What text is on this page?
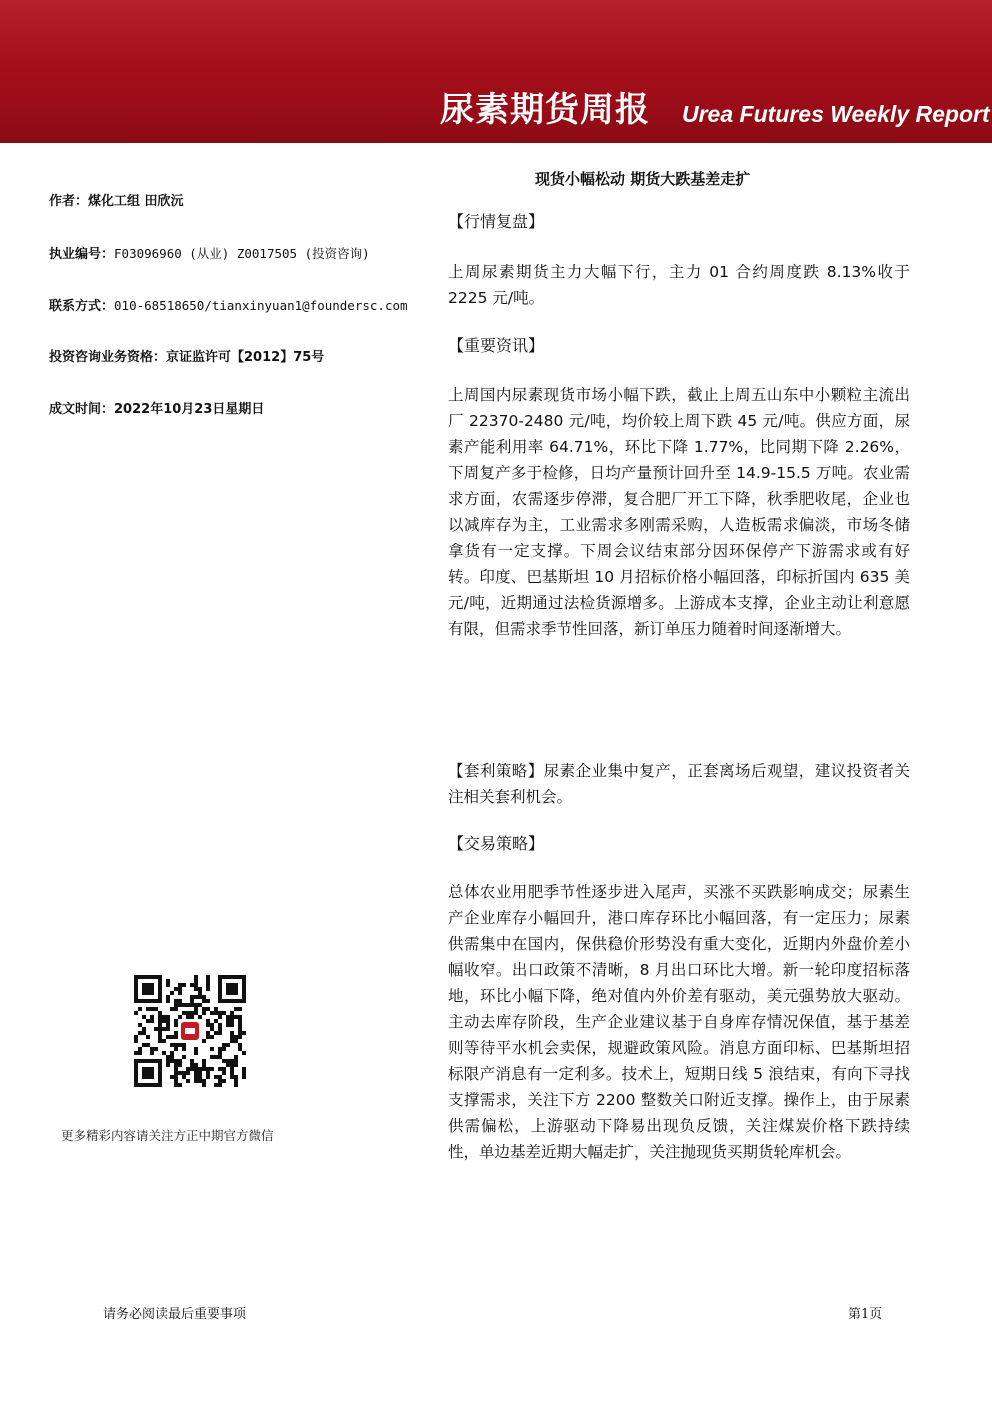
尿素期货周报 Urea Futures Weekly Report
作者：煤化工组 田欣沅
执业编号：F03096960 (从业) Z0017505 (投资咨询)
联系方式：010-68518650/tianxinyuan1@foundersc.com
投资咨询业务资格：京证监许可【2012】75号
成文时间：2022年10月23日星期日
更多精彩内容请关注方正中期官方微信
现货小幅松动 期货大跌基差走扩
【行情复盘】

上周尿素期货主力大幅下行，主力 01 合约周度跌 8.13%收于 2225 元/吨。

【重要资讯】

上周国内尿素现货市场小幅下跌，截止上周五山东中小颗粒主流出厂 22370-2480 元/吨，均价较上周下跌 45 元/吨。供应方面，尿素产能利用率 64.71%，环比下降 1.77%，比同期下降 2.26%，下周复产多于检修，日均产量预计回升至 14.9-15.5 万吨。农业需求方面，农需逐步停滞，复合肥厂开工下降，秋季肥收尾，企业也以减库存为主，工业需求多刚需采购，人造板需求偏淡，市场冬储拿货有一定支撑。下周会议结束部分因环保停产下游需求或有好转。印度、巴基斯坦 10 月招标价格小幅回落，印标折国内 635 美元/吨，近期通过法检货源增多。上游成本支撑，企业主动让利意愿有限，但需求季节性回落，新订单压力随着时间逐渐增大。

【套利策略】尿素企业集中复产，正套离场后观望，建议投资者关注相关套利机会。

【交易策略】

总体农业用肥季节性逐步进入尾声，买涨不买跌影响成交；尿素生产企业库存小幅回升，港口库存环比小幅回落，有一定压力；尿素供需集中在国内，保供稳价形势没有重大变化，近期内外盘价差小幅收窄。出口政策不清晰，8 月出口环比大增。新一轮印度招标落地，环比小幅下降，绝对值内外价差有驱动，美元强势放大驱动。主动去库存阶段，生产企业建议基于自身库存情况保值，基于基差则等待平水机会卖保，规避政策风险。消息方面印标、巴基斯坦招标限产消息有一定利多。技术上，短期日线 5 浪结束，有向下寻找支撑需求，关注下方 2200 整数关口附近支撑。操作上，由于尿素供需偏松，上游驱动下降易出现负反馈，关注煤炭价格下跌持续性，单边基差近期大幅走扩，关注抛现货买期货轮库机会。

请务必阅读最后重要事项	第1页
